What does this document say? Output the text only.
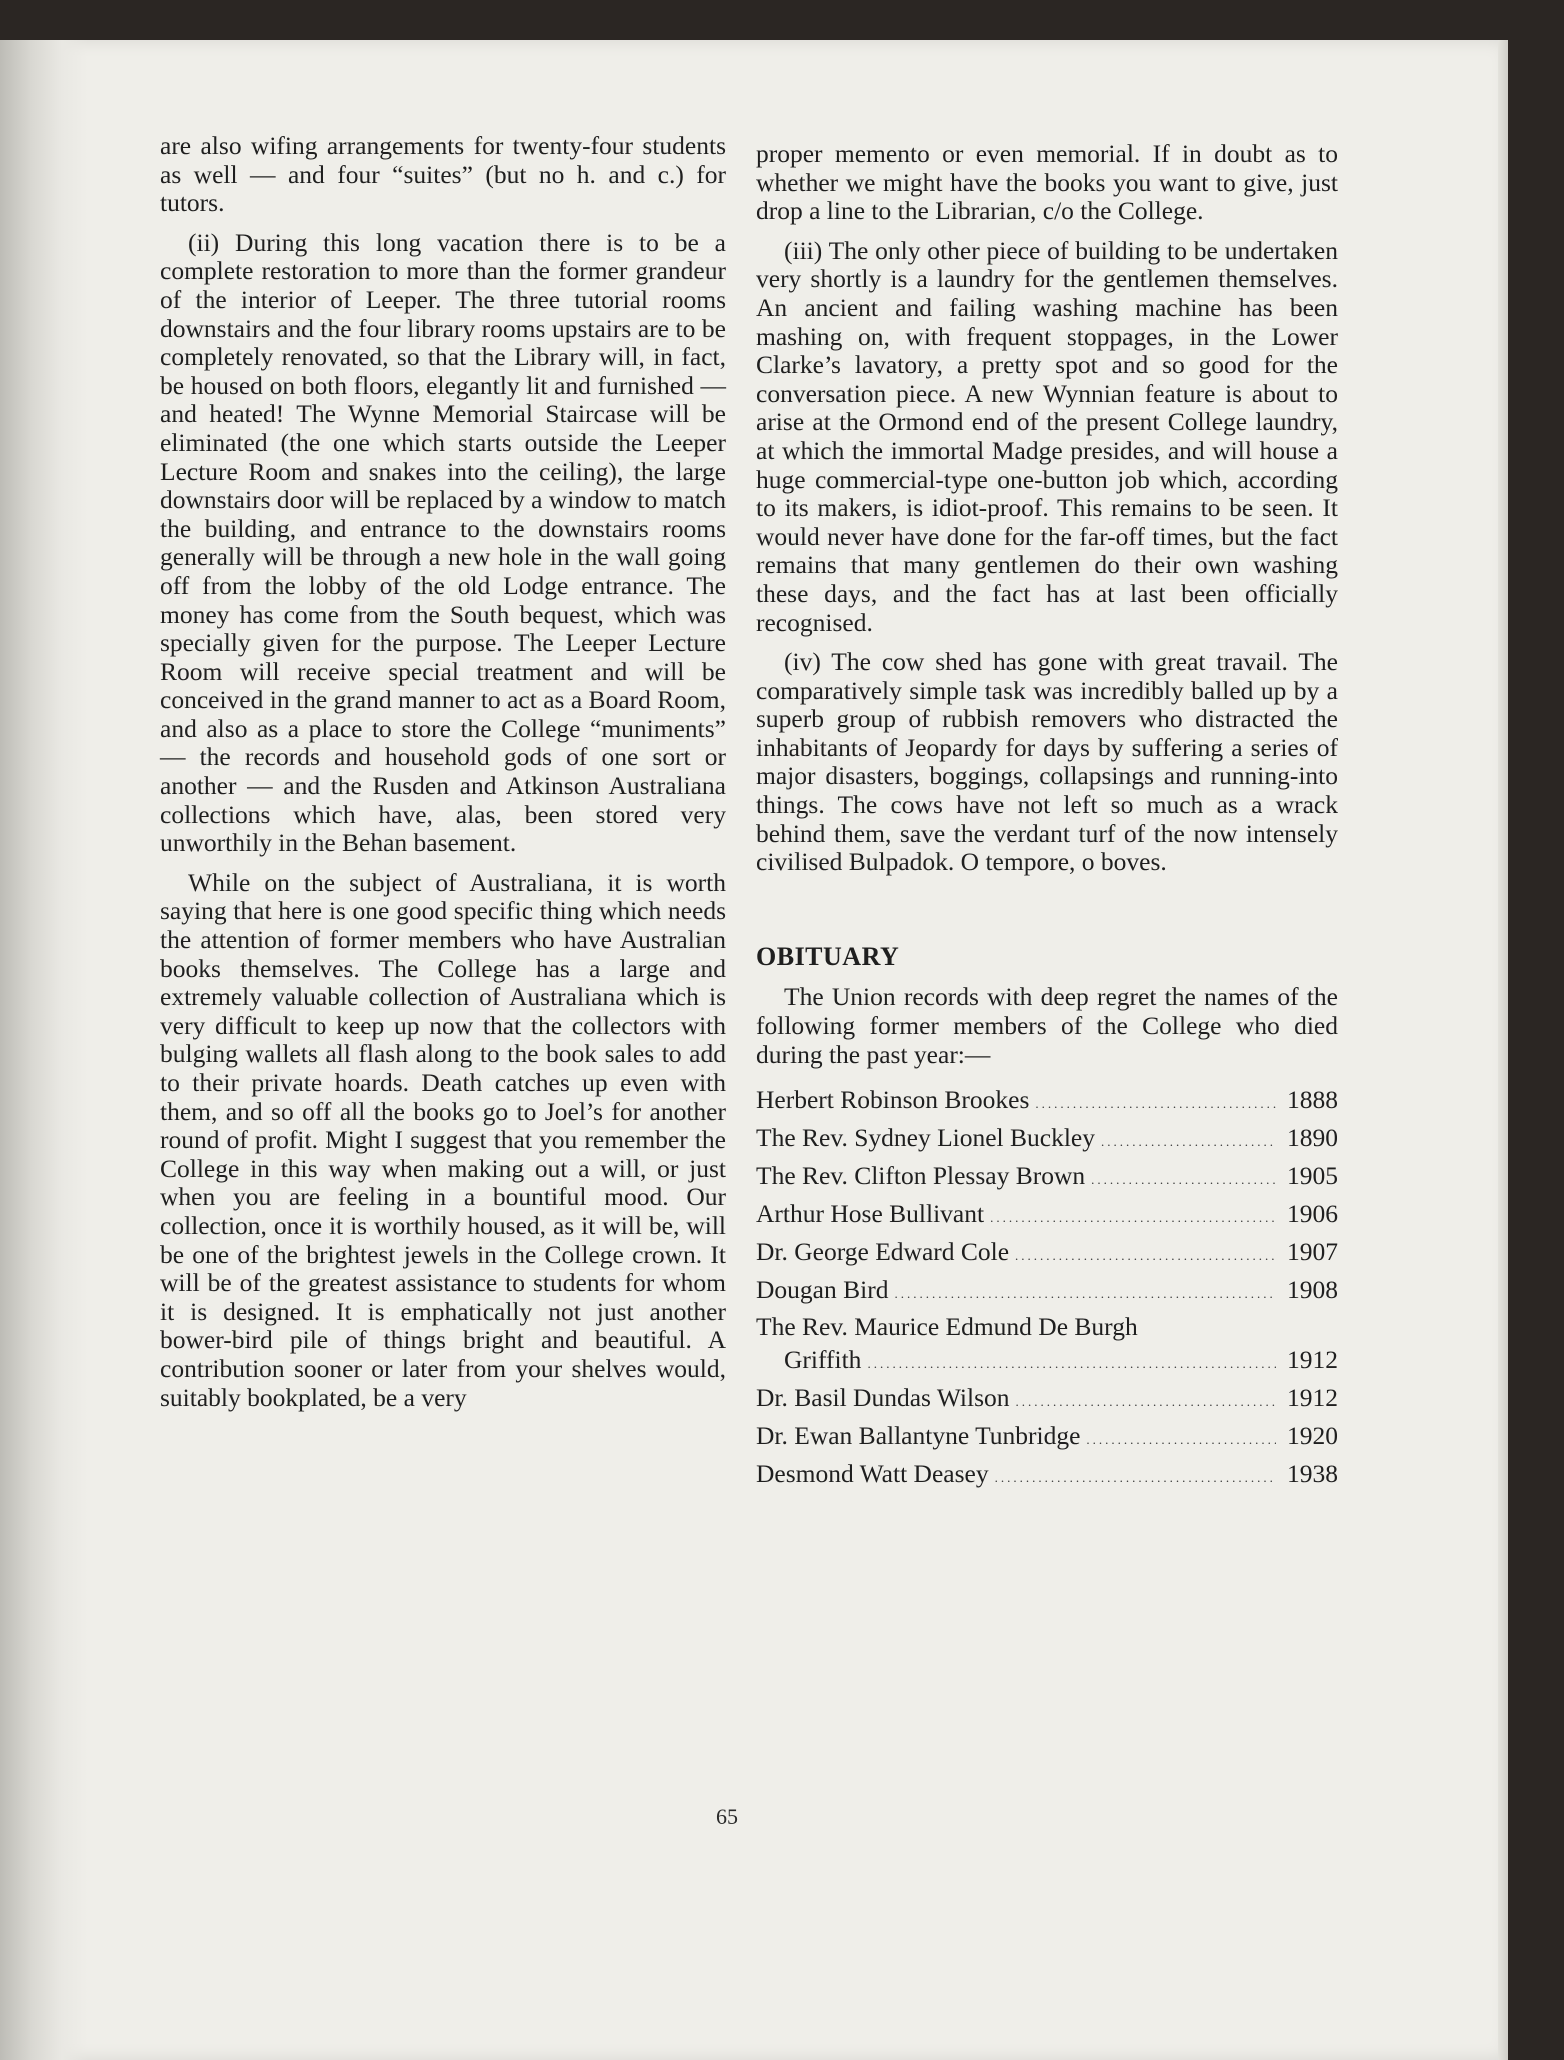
are also wifing arrangements for twenty-four students as well — and four “suites” (but no h. and c.) for tutors.

(ii) During this long vacation there is to be a complete restoration to more than the former grandeur of the interior of Leeper. The three tutorial rooms downstairs and the four library rooms upstairs are to be completely renovated, so that the Library will, in fact, be housed on both floors, elegantly lit and furnished — and heated! The Wynne Memorial Staircase will be eliminated (the one which starts outside the Leeper Lecture Room and snakes into the ceiling), the large downstairs door will be replaced by a window to match the building, and entrance to the downstairs rooms generally will be through a new hole in the wall going off from the lobby of the old Lodge entrance. The money has come from the South bequest, which was specially given for the purpose. The Leeper Lecture Room will receive special treatment and will be conceived in the grand manner to act as a Board Room, and also as a place to store the College “muniments” — the records and household gods of one sort or another — and the Rusden and Atkinson Australiana collections which have, alas, been stored very unworthily in the Behan basement.

While on the subject of Australiana, it is worth saying that here is one good specific thing which needs the attention of former members who have Australian books themselves. The College has a large and extremely valuable collection of Australiana which is very difficult to keep up now that the collectors with bulging wallets all flash along to the book sales to add to their private hoards. Death catches up even with them, and so off all the books go to Joel’s for another round of profit. Might I suggest that you remember the College in this way when making out a will, or just when you are feeling in a bountiful mood. Our collection, once it is worthily housed, as it will be, will be one of the brightest jewels in the College crown. It will be of the greatest assistance to students for whom it is designed. It is emphatically not just another bower-bird pile of things bright and beautiful. A contribution sooner or later from your shelves would, suitably bookplated, be a very

proper memento or even memorial. If in doubt as to whether we might have the books you want to give, just drop a line to the Librarian, c/o the College.

(iii) The only other piece of building to be undertaken very shortly is a laundry for the gentlemen themselves. An ancient and failing washing machine has been mashing on, with frequent stoppages, in the Lower Clarke’s lavatory, a pretty spot and so good for the conversation piece. A new Wynnian feature is about to arise at the Ormond end of the present College laundry, at which the immortal Madge presides, and will house a huge commercial-type one-button job which, according to its makers, is idiot-proof. This remains to be seen. It would never have done for the far-off times, but the fact remains that many gentlemen do their own washing these days, and the fact has at last been officially recognised.

(iv) The cow shed has gone with great travail. The comparatively simple task was incredibly balled up by a superb group of rubbish removers who distracted the inhabitants of Jeopardy for days by suffering a series of major disasters, boggings, collapsings and running-into things. The cows have not left so much as a wrack behind them, save the verdant turf of the now intensely civilised Bulpadok. O tempore, o boves.

OBITUARY

The Union records with deep regret the names of the following former members of the College who died during the past year:—

Herbert Robinson Brookes .....	1888
The Rev. Sydney Lionel Buckley .....	1890
The Rev. Clifton Plessay Brown .....	1905
Arthur Hose Bullivant .....	1906
Dr. George Edward Cole .....	1907
Dougan Bird .....	1908
The Rev. Maurice Edmund De Burgh
Griffith .....	1912
Dr. Basil Dundas Wilson .....	1912
Dr. Ewan Ballantyne Tunbridge .....	1920
Desmond Watt Deasey .....	1938
65
